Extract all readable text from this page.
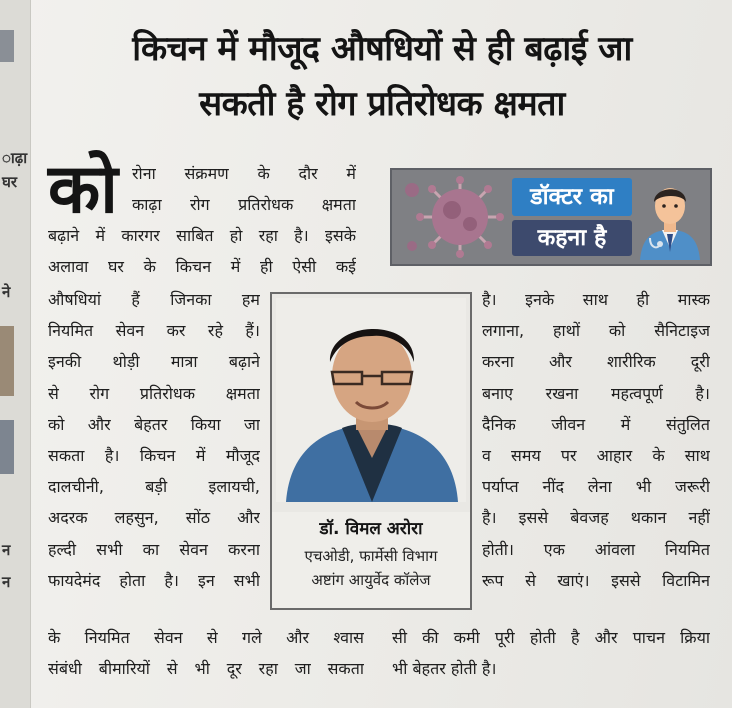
ाढ़ा
घर
ने
न
न
किचन में मौजूद औषधियों से ही बढ़ाई जा
सकती है रोग प्रतिरोधक क्षमता
को रोना संक्रमण के दौर में
काढ़ा रोग प्रतिरोधक क्षमता
बढ़ाने में कारगर साबित हो रहा है। इसके
अलावा घर के किचन में ही ऐसी कई
औषधियां हैं जिनका हम
नियमित सेवन कर रहे हैं।
इनकी थोड़ी मात्रा बढ़ाने
से रोग प्रतिरोधक क्षमता
को और बेहतर किया जा
सकता है। किचन में मौजूद
दालचीनी, बड़ी इलायची,
अदरक लहसुन, सोंठ और
हल्दी सभी का सेवन करना
फायदेमंद होता है। इन सभी
के नियमित सेवन से गले और श्वास
संबंधी बीमारियों से भी दूर रहा जा सकता
डॉक्टर का
कहना है
डॉ. विमल अरोरा
एचओडी, फार्मेसी विभाग
अष्टांग आयुर्वेद कॉलेज
है। इनके साथ ही मास्क
लगाना, हाथों को सैनिटाइज
करना और शारीरिक दूरी
बनाए रखना महत्वपूर्ण है।
दैनिक जीवन में संतुलित
व समय पर आहार के साथ
पर्याप्त नींद लेना भी जरूरी
है। इससे बेवजह थकान नहीं
होती। एक आंवला नियमित
रूप से खाएं। इससे विटामिन
सी की कमी पूरी होती है और पाचन क्रिया
भी बेहतर होती है।
